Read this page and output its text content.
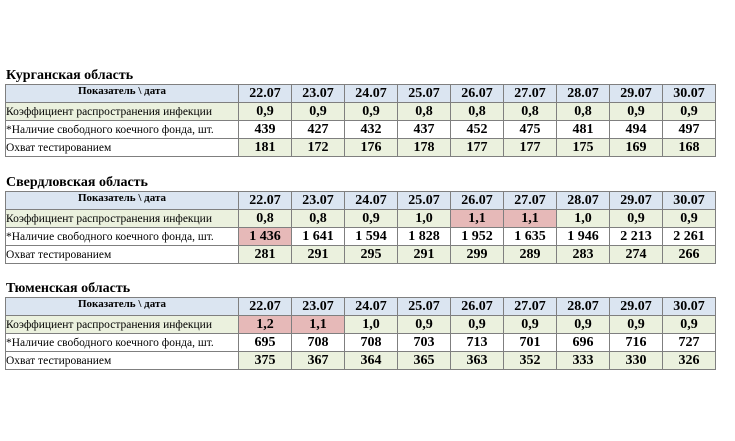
Курганская область
Показатель \ дата	22.07	23.07	24.07	25.07	26.07	27.07	28.07	29.07	30.07
Коэффициент распространения инфекции	0,9	0,9	0,9	0,8	0,8	0,8	0,8	0,9	0,9
*Наличие свободного коечного фонда, шт.	439	427	432	437	452	475	481	494	497
Охват тестированием	181	172	176	178	177	177	175	169	168
Свердловская область
Показатель \ дата	22.07	23.07	24.07	25.07	26.07	27.07	28.07	29.07	30.07
Коэффициент распространения инфекции	0,8	0,8	0,9	1,0	1,1	1,1	1,0	0,9	0,9
*Наличие свободного коечного фонда, шт.	1 436	1 641	1 594	1 828	1 952	1 635	1 946	2 213	2 261
Охват тестированием	281	291	295	291	299	289	283	274	266
Тюменская область
Показатель \ дата	22.07	23.07	24.07	25.07	26.07	27.07	28.07	29.07	30.07
Коэффициент распространения инфекции	1,2	1,1	1,0	0,9	0,9	0,9	0,9	0,9	0,9
*Наличие свободного коечного фонда, шт.	695	708	708	703	713	701	696	716	727
Охват тестированием	375	367	364	365	363	352	333	330	326
